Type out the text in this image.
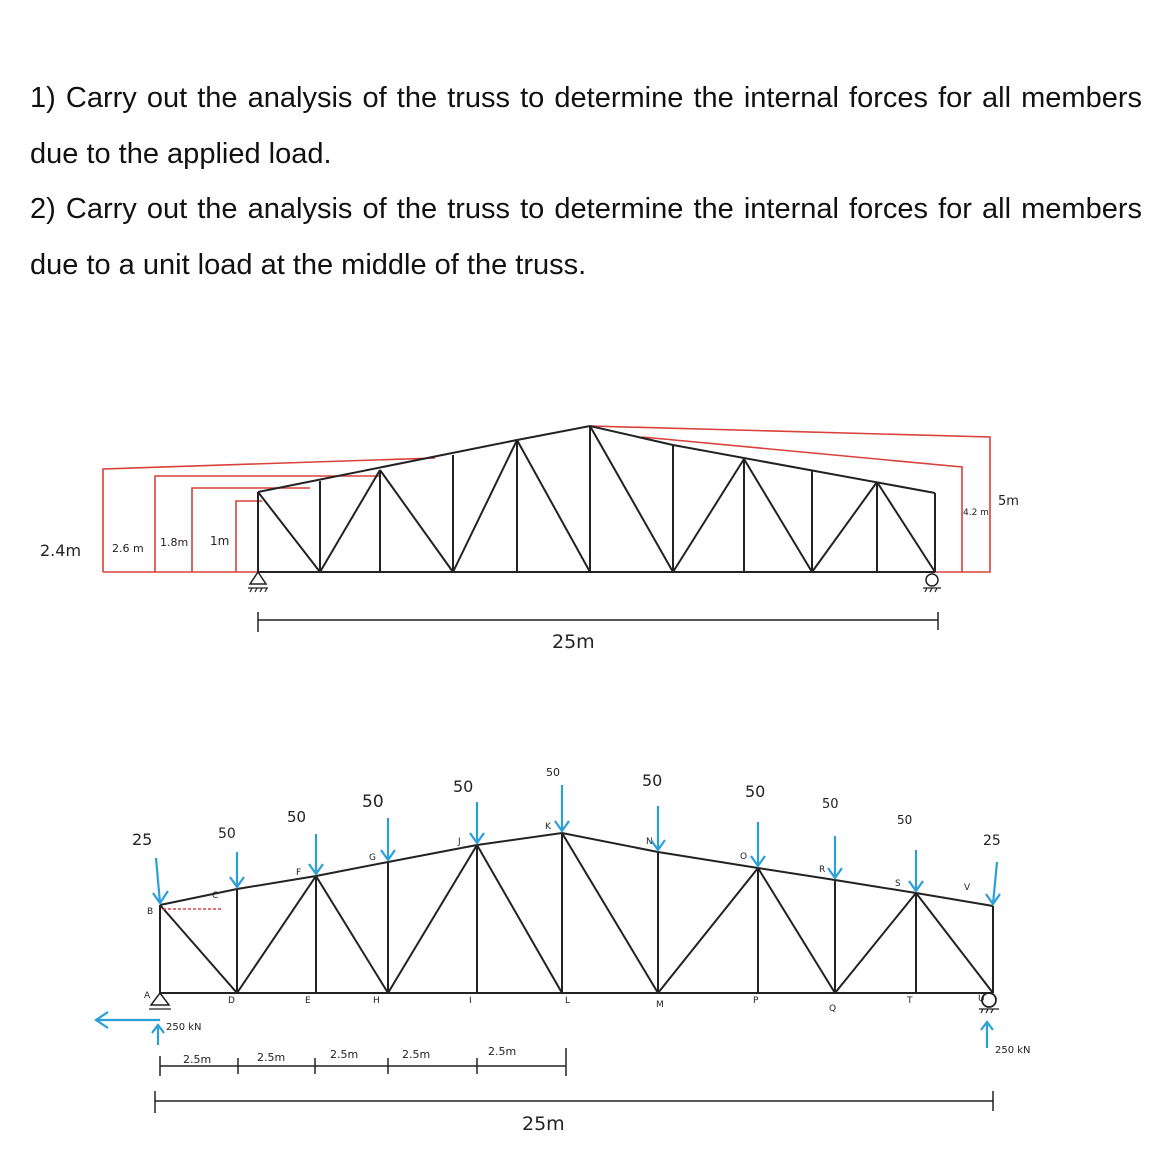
1) Carry out the analysis of the truss to determine the internal forces for all members due to the applied load.
2) Carry out the analysis of the truss to determine the internal forces for all members due to a unit load at the middle of the truss.
2.4m	2.6 m 1.8m 1m
4.2 m
5m
25m
A
B
C
D	E
F
G
H	I
J
K
L	M
N
O
P
Q
R
S
T	U
V
25	50
50
50
50
50	50
50
50
50
25
250 kN
250 kN
2.5m	2.5m	2.5m	2.5m	2.5m
25m
